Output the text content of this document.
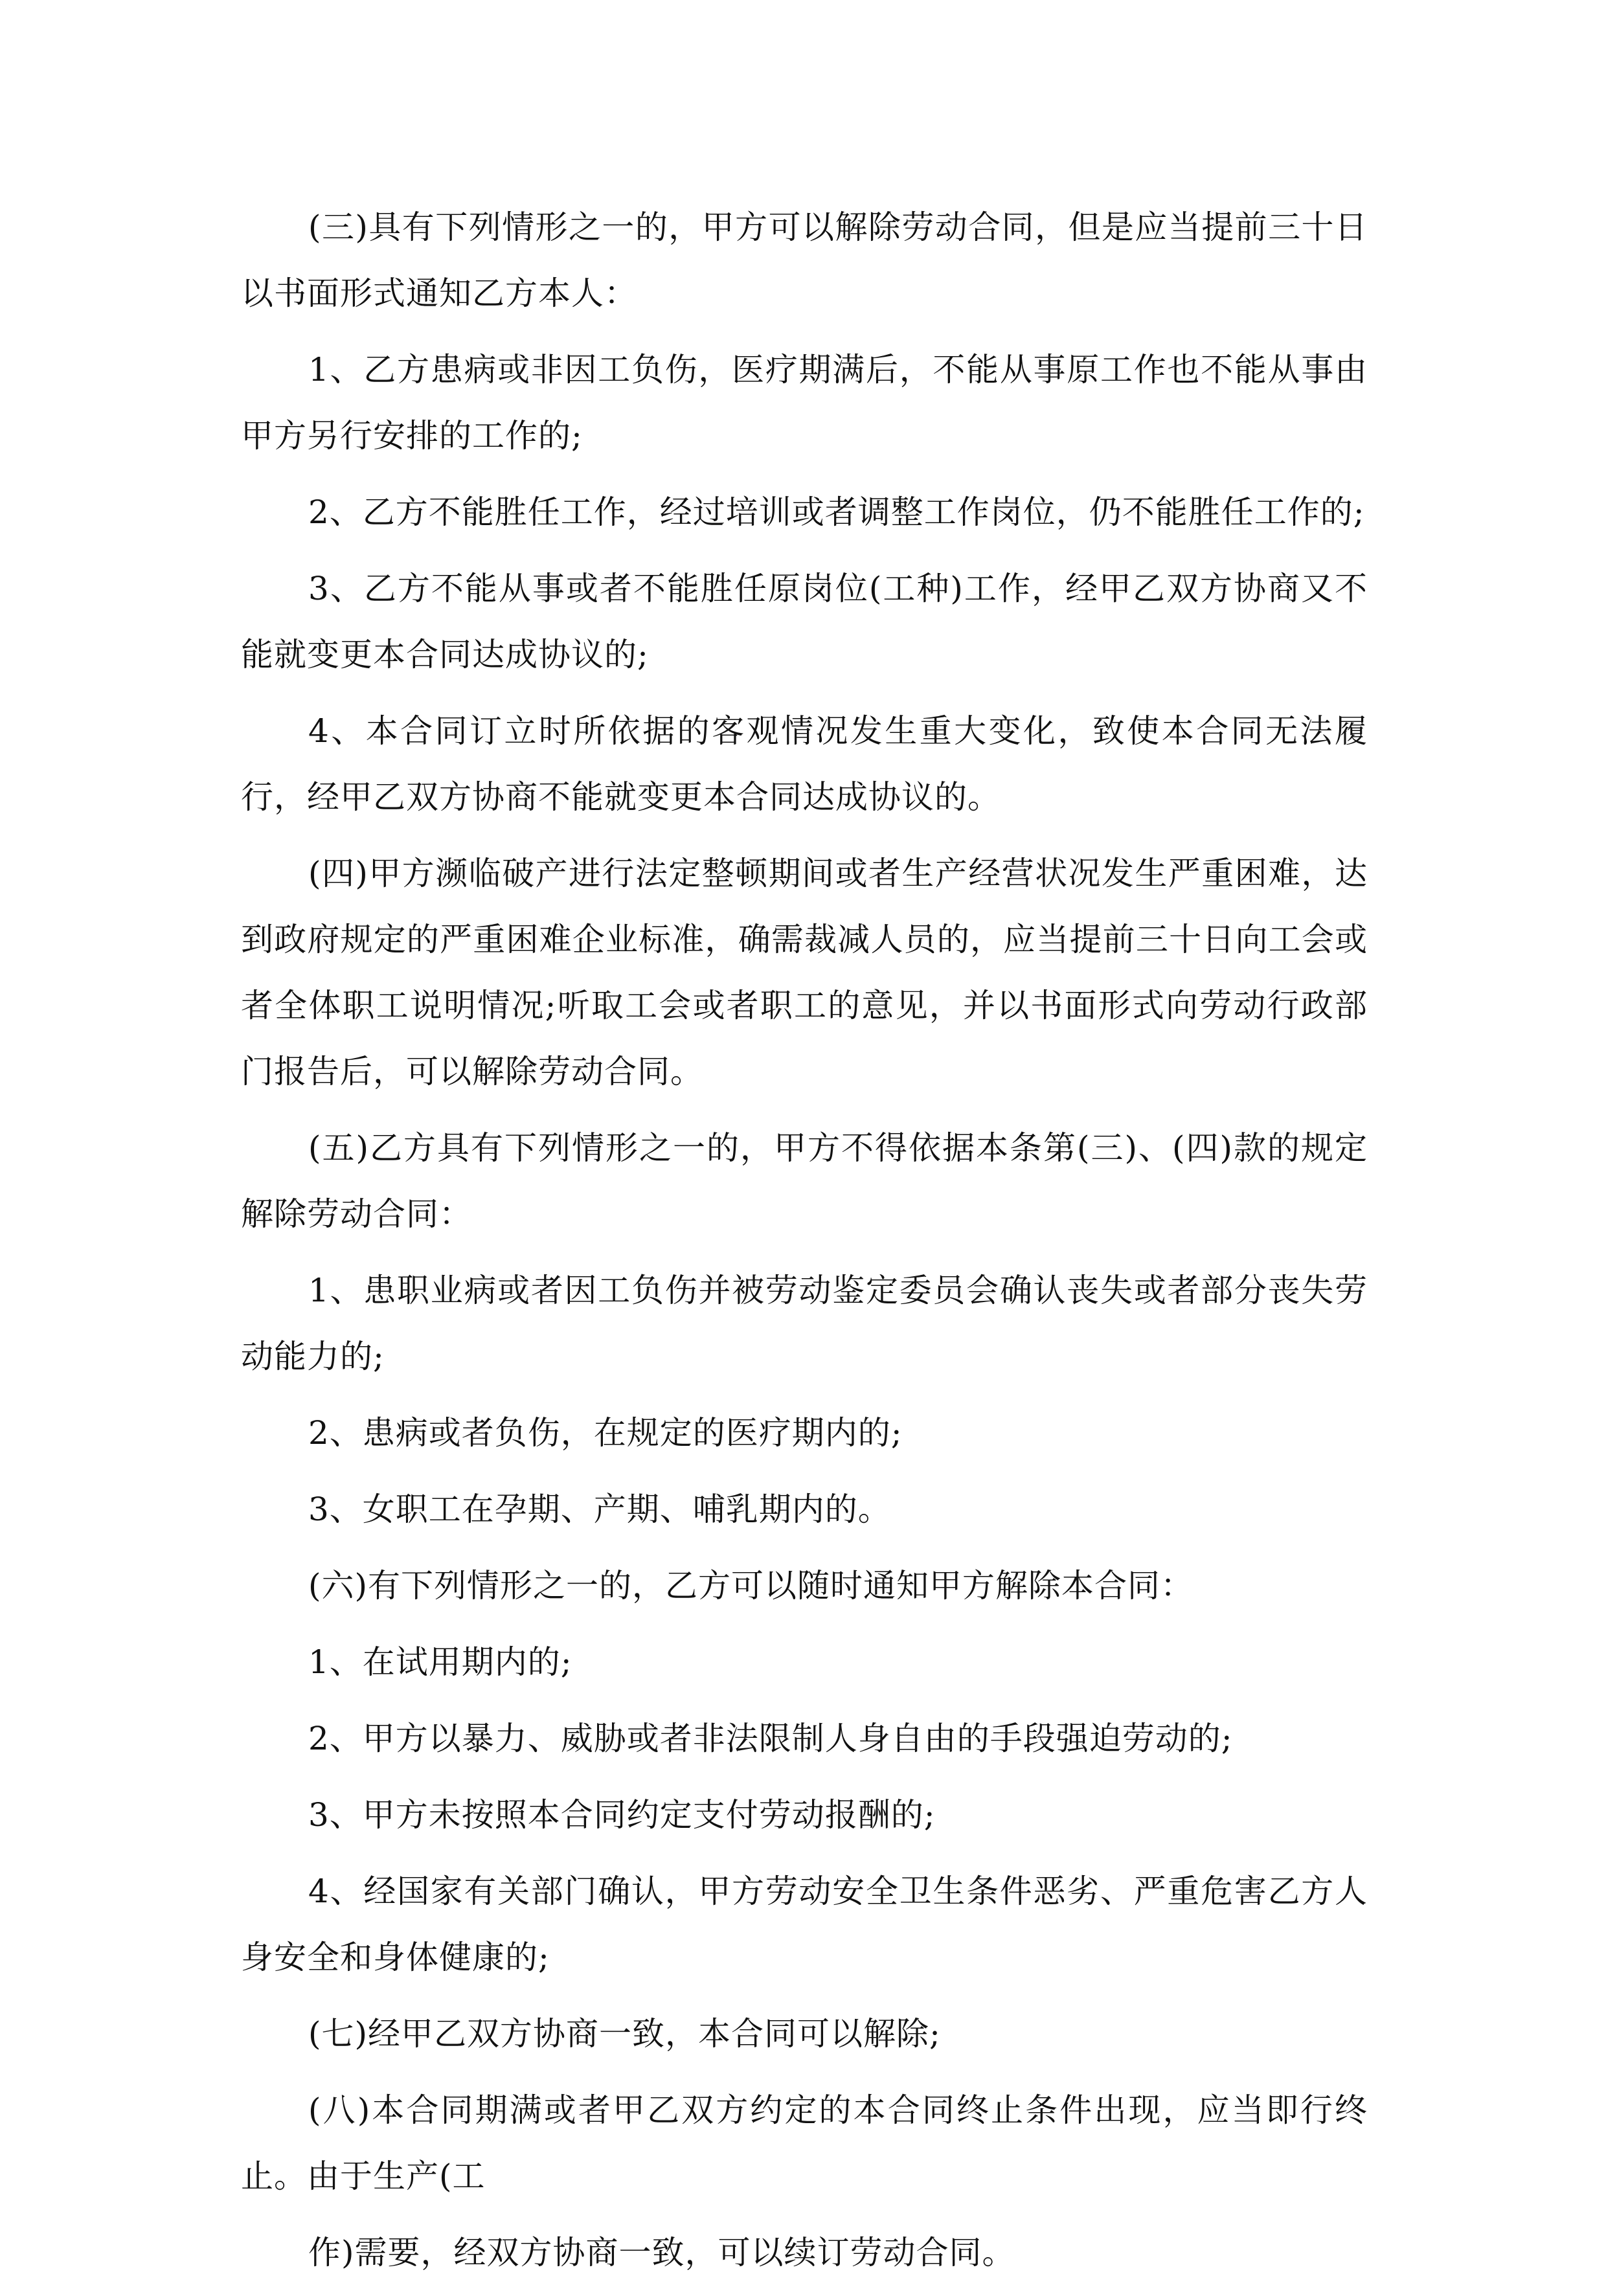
(三)具有下列情形之一的，甲方可以解除劳动合同，但是应当提前三十日以书面形式通知乙方本人：

1、乙方患病或非因工负伤，医疗期满后，不能从事原工作也不能从事由甲方另行安排的工作的;

2、乙方不能胜任工作，经过培训或者调整工作岗位，仍不能胜任工作的;

3、乙方不能从事或者不能胜任原岗位(工种)工作，经甲乙双方协商又不能就变更本合同达成协议的;

4、本合同订立时所依据的客观情况发生重大变化，致使本合同无法履行，经甲乙双方协商不能就变更本合同达成协议的。

(四)甲方濒临破产进行法定整顿期间或者生产经营状况发生严重困难，达到政府规定的严重困难企业标准，确需裁减人员的，应当提前三十日向工会或者全体职工说明情况;听取工会或者职工的意见，并以书面形式向劳动行政部门报告后，可以解除劳动合同。

(五)乙方具有下列情形之一的，甲方不得依据本条第(三)、(四)款的规定解除劳动合同：

1、患职业病或者因工负伤并被劳动鉴定委员会确认丧失或者部分丧失劳动能力的;

2、患病或者负伤，在规定的医疗期内的;

3、女职工在孕期、产期、哺乳期内的。

(六)有下列情形之一的，乙方可以随时通知甲方解除本合同：

1、在试用期内的;

2、甲方以暴力、威胁或者非法限制人身自由的手段强迫劳动的;

3、甲方未按照本合同约定支付劳动报酬的;

4、经国家有关部门确认，甲方劳动安全卫生条件恶劣、严重危害乙方人身安全和身体健康的;

(七)经甲乙双方协商一致，本合同可以解除;

(八)本合同期满或者甲乙双方约定的本合同终止条件出现，应当即行终止。由于生产(工

作)需要，经双方协商一致，可以续订劳动合同。
